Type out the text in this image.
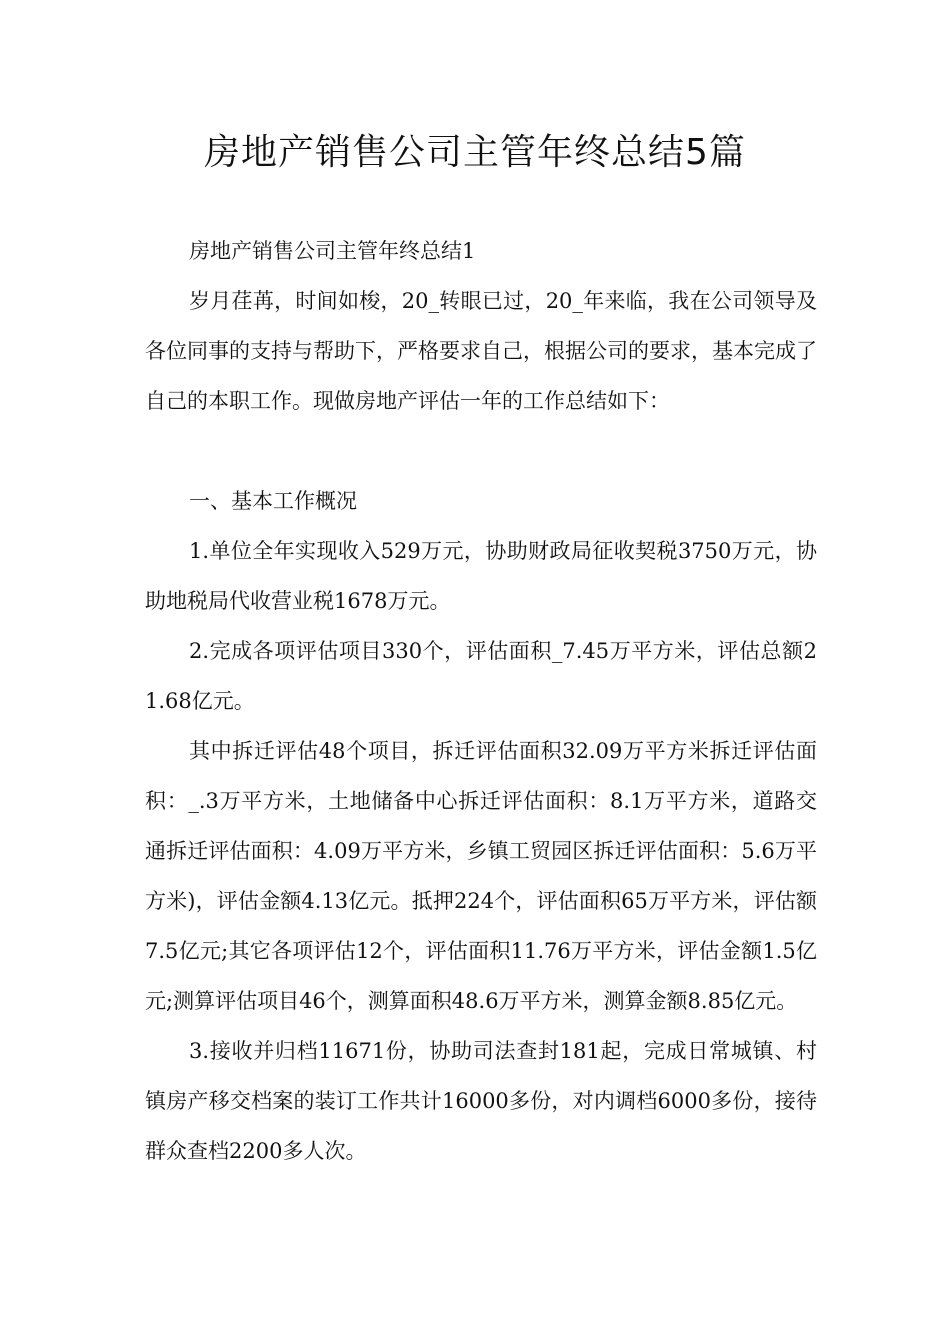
房地产销售公司主管年终总结5篇

房地产销售公司主管年终总结1

岁月荏苒，时间如梭，20_转眼已过，20_年来临，我在公司领导及各位同事的支持与帮助下，严格要求自己，根据公司的要求，基本完成了自己的本职工作。现做房地产评估一年的工作总结如下：

一、基本工作概况

1.单位全年实现收入529万元，协助财政局征收契税3750万元，协助地税局代收营业税1678万元。

2.完成各项评估项目330个，评估面积_7.45万平方米，评估总额21.68亿元。

其中拆迁评估48个项目，拆迁评估面积32.09万平方米拆迁评估面积：_.3万平方米，土地储备中心拆迁评估面积：8.1万平方米，道路交通拆迁评估面积：4.09万平方米，乡镇工贸园区拆迁评估面积：5.6万平方米)，评估金额4.13亿元。抵押224个，评估面积65万平方米，评估额7.5亿元;其它各项评估12个，评估面积11.76万平方米，评估金额1.5亿元;测算评估项目46个，测算面积48.6万平方米，测算金额8.85亿元。

3.接收并归档11671份，协助司法查封181起，完成日常城镇、村镇房产移交档案的装订工作共计16000多份，对内调档6000多份，接待群众查档2200多人次。
